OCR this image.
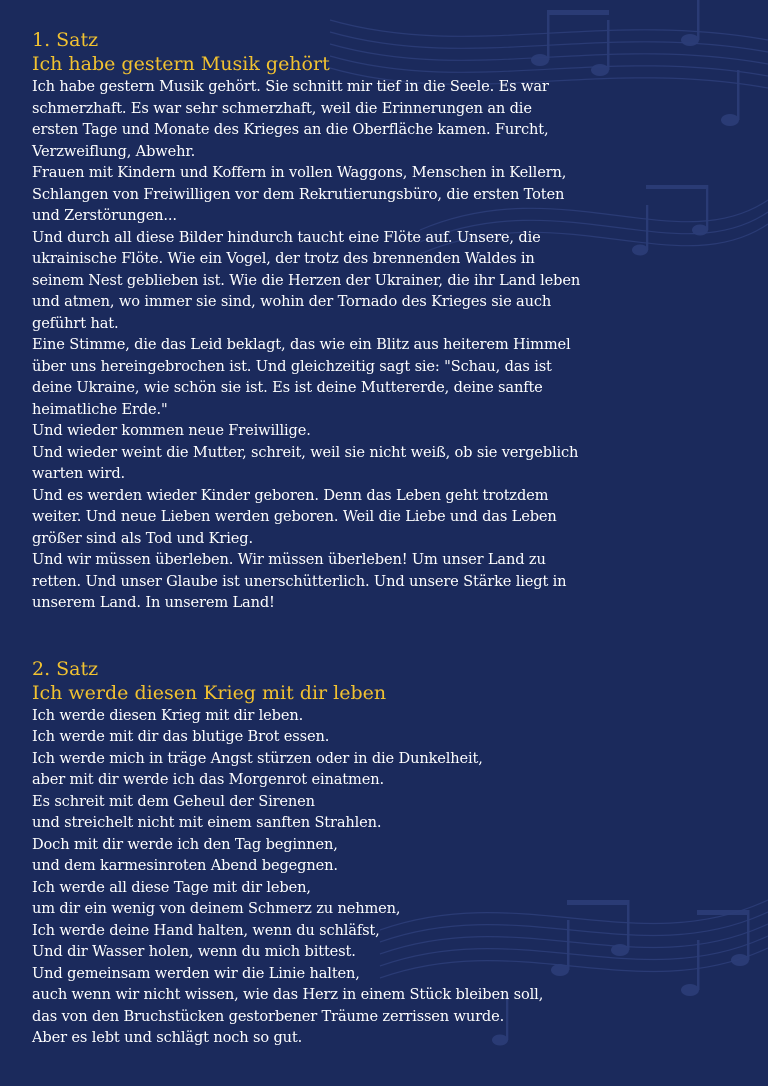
1. Satz
Ich habe gestern Musik gehört

Ich habe gestern Musik gehört. Sie schnitt mir tief in die Seele. Es war

schmerzhaft. Es war sehr schmerzhaft, weil die Erinnerungen an die

ersten Tage und Monate des Krieges an die Oberfläche kamen. Furcht,

Verzweiflung, Abwehr.

Frauen mit Kindern und Koffern in vollen Waggons, Menschen in Kellern,

Schlangen von Freiwilligen vor dem Rekrutierungsbüro, die ersten Toten

und Zerstörungen...

Und durch all diese Bilder hindurch taucht eine Flöte auf. Unsere, die

ukrainische Flöte. Wie ein Vogel, der trotz des brennenden Waldes in

seinem Nest geblieben ist. Wie die Herzen der Ukrainer, die ihr Land leben

und atmen, wo immer sie sind, wohin der Tornado des Krieges sie auch

geführt hat.

Eine Stimme, die das Leid beklagt, das wie ein Blitz aus heiterem Himmel

über uns hereingebrochen ist. Und gleichzeitig sagt sie: "Schau, das ist

deine Ukraine, wie schön sie ist. Es ist deine Muttererde, deine sanfte

heimatliche Erde."

Und wieder kommen neue Freiwillige.

Und wieder weint die Mutter, schreit, weil sie nicht weiß, ob sie vergeblich

warten wird.

Und es werden wieder Kinder geboren. Denn das Leben geht trotzdem

weiter. Und neue Lieben werden geboren. Weil die Liebe und das Leben

größer sind als Tod und Krieg.

Und wir müssen überleben. Wir müssen überleben! Um unser Land zu

retten. Und unser Glaube ist unerschütterlich. Und unsere Stärke liegt in

unserem Land. In unserem Land!

2. Satz
Ich werde diesen Krieg mit dir leben

Ich werde diesen Krieg mit dir leben.

Ich werde mit dir das blutige Brot essen.

Ich werde mich in träge Angst stürzen oder in die Dunkelheit,

aber mit dir werde ich das Morgenrot einatmen.

Es schreit mit dem Geheul der Sirenen

und streichelt nicht mit einem sanften Strahlen.

Doch mit dir werde ich den Tag beginnen,

und dem karmesinroten Abend begegnen.

Ich werde all diese Tage mit dir leben,

um dir ein wenig von deinem Schmerz zu nehmen,

Ich werde deine Hand halten, wenn du schläfst,

Und dir Wasser holen, wenn du mich bittest.

Und gemeinsam werden wir die Linie halten,

auch wenn wir nicht wissen, wie das Herz in einem Stück bleiben soll,

das von den Bruchstücken gestorbener Träume zerrissen wurde.

Aber es lebt und schlägt noch so gut.
